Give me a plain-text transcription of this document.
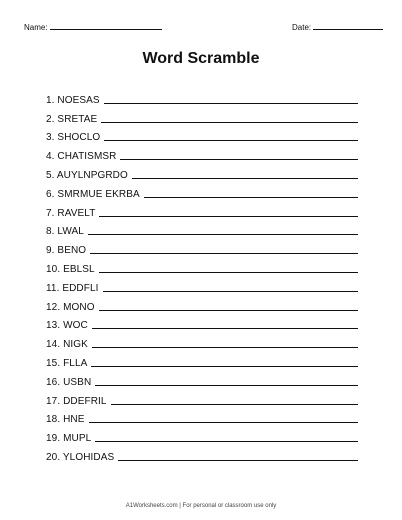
Name:	Date:
Word Scramble
1. NOESAS
2. SRETAE
3. SHOCLO
4. CHATISMSR
5. AUYLNPGRDO
6. SMRMUE EKRBA
7. RAVELT
8. LWAL
9. BENO
10. EBLSL
11. EDDFLI
12. MONO
13. WOC
14. NIGK
15. FLLA
16. USBN
17. DDEFRIL
18. HNE
19. MUPL
20. YLOHIDAS
A1Worksheets.com | For personal or classroom use only
